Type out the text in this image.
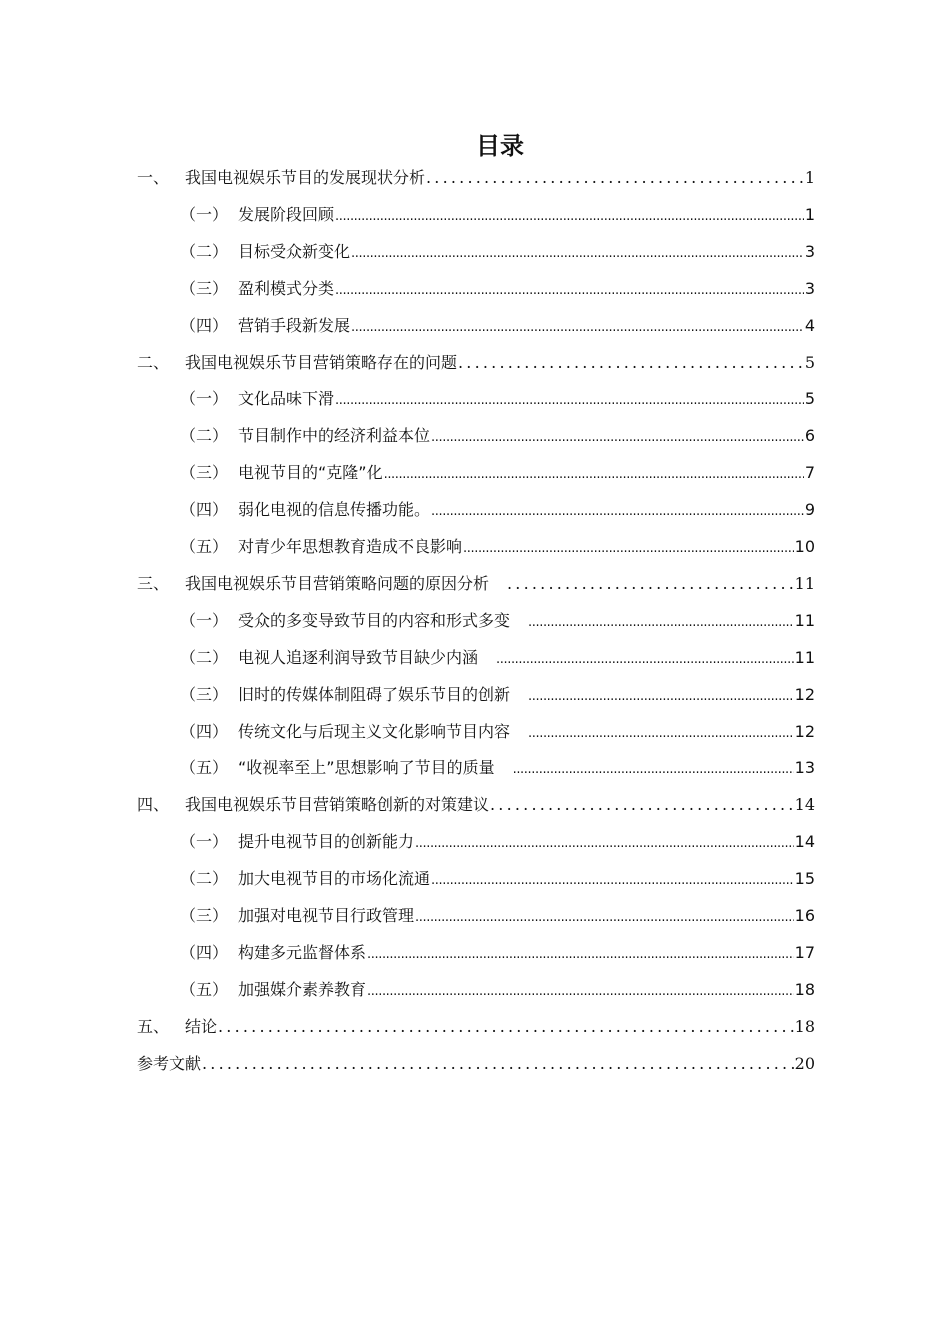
目录
一、 我国电视娱乐节目的发展现状分析 .....	1
（一） 发展阶段回顾 .....	1
（二） 目标受众新变化 .....	3
（三） 盈利模式分类 .....	3
（四） 营销手段新发展 .....	4
二、 我国电视娱乐节目营销策略存在的问题 .....	5
（一） 文化品味下滑 .....	5
（二） 节目制作中的经济利益本位 .....	6
（三） 电视节目的“克隆”化 .....	7
（四） 弱化电视的信息传播功能。 .....	9
（五） 对青少年思想教育造成不良影响 .....	10
三、 我国电视娱乐节目营销策略问题的原因分析 .....	11
（一） 受众的多变导致节目的内容和形式多变 .....	11
（二） 电视人追逐利润导致节目缺少内涵 .....	11
（三） 旧时的传媒体制阻碍了娱乐节目的创新 .....	12
（四） 传统文化与后现主义文化影响节目内容 .....	12
（五） “收视率至上”思想影响了节目的质量 .....	13
四、 我国电视娱乐节目营销策略创新的对策建议 .....	14
（一） 提升电视节目的创新能力 .....	14
（二） 加大电视节目的市场化流通 .....	15
（三） 加强对电视节目行政管理 .....	16
（四） 构建多元监督体系 .....	17
（五） 加强媒介素养教育 .....	18
五、 结论 .....	18
参考文献 .....	20
